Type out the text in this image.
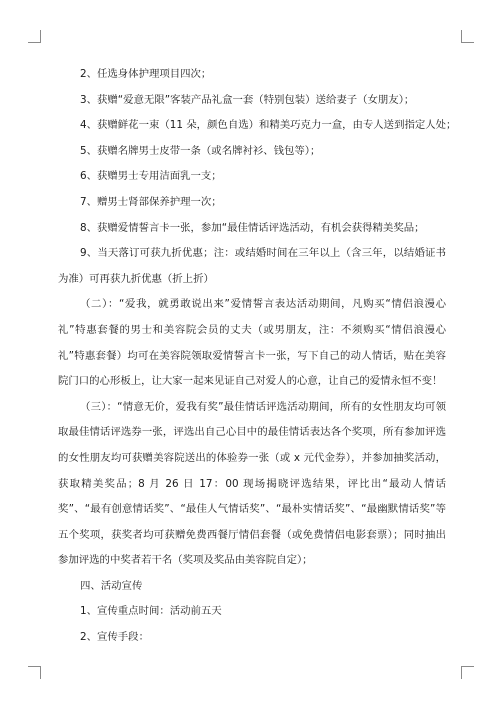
2、任选身体护理项目四次；

3、获赠“爱意无限”客装产品礼盒一套（特别包装）送给妻子（女朋友）；

4、获赠鲜花一束（11 朵，颜色自选）和精美巧克力一盒，由专人送到指定人处；

5、获赠名牌男士皮带一条（或名牌衬衫、钱包等）；

6、获赠男士专用洁面乳一支；

7、赠男士肾部保养护理一次；

8、获赠爱情誓言卡一张，参加“最佳情话评选活动，有机会获得精美奖品；

9、当天落订可获九折优惠；注：或结婚时间在三年以上（含三年，以结婚证书为准）可再获九折优惠（折上折）

（二）：“爱我，就勇敢说出来”爱情誓言表达活动期间，凡购买“情侣浪漫心礼”特惠套餐的男士和美容院会员的丈夫（或男朋友，注：不须购买“情侣浪漫心礼”特惠套餐）均可在美容院领取爱情誓言卡一张，写下自己的动人情话，贴在美容院门口的心形板上，让大家一起来见证自己对爱人的心意，让自己的爱情永恒不变！

（三）：“情意无价，爱我有奖”最佳情话评选活动期间，所有的女性朋友均可领取最佳情话评选券一张，评选出自己心目中的最佳情话表达各个奖项，所有参加评选的女性朋友均可获赠美容院送出的体验券一张（或 x 元代金券），并参加抽奖活动，获取精美奖品；8 月 26 日 17：00 现场揭晓评选结果，评比出“最动人情话奖”、“最有创意情话奖”、“最佳人气情话奖”、“最朴实情话奖”、“最幽默情话奖”等五个奖项，获奖者均可获赠免费西餐厅情侣套餐（或免费情侣电影套票）；同时抽出参加评选的中奖者若干名（奖项及奖品由美容院自定）；

四、活动宣传

1、宣传重点时间：活动前五天

2、宣传手段：
